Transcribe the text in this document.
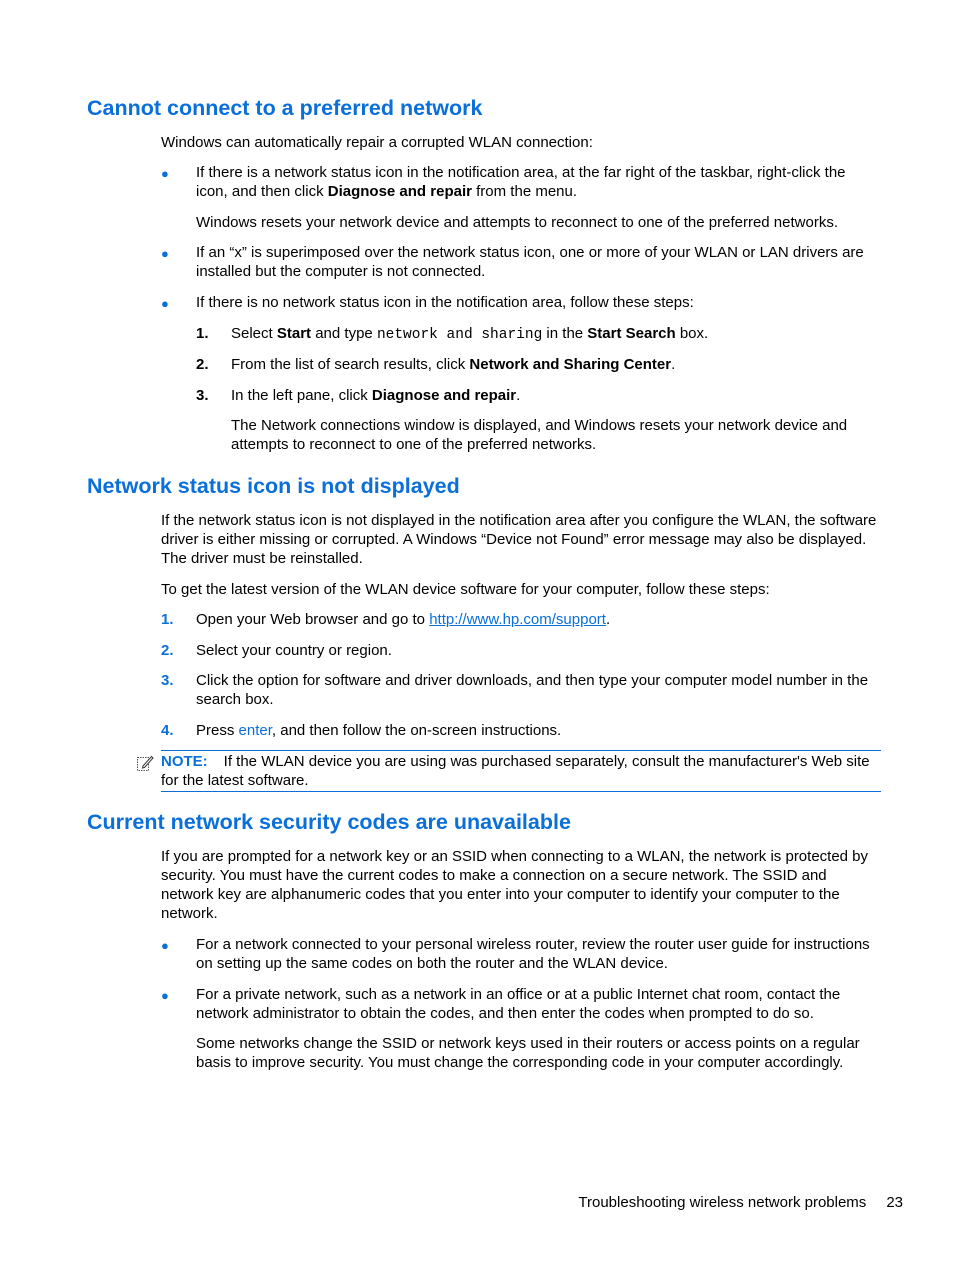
Cannot connect to a preferred network

Windows can automatically repair a corrupted WLAN connection:

● If there is a network status icon in the notification area, at the far right of the taskbar, right-click the icon, and then click Diagnose and repair from the menu.

Windows resets your network device and attempts to reconnect to one of the preferred networks.

● If an “x” is superimposed over the network status icon, one or more of your WLAN or LAN drivers are installed but the computer is not connected.

● If there is no network status icon in the notification area, follow these steps:

1. Select Start and type network and sharing in the Start Search box.

2. From the list of search results, click Network and Sharing Center.

3. In the left pane, click Diagnose and repair.

The Network connections window is displayed, and Windows resets your network device and attempts to reconnect to one of the preferred networks.

Network status icon is not displayed

If the network status icon is not displayed in the notification area after you configure the WLAN, the software driver is either missing or corrupted. A Windows “Device not Found” error message may also be displayed. The driver must be reinstalled.

To get the latest version of the WLAN device software for your computer, follow these steps:

1. Open your Web browser and go to http://www.hp.com/support.

2. Select your country or region.

3. Click the option for software and driver downloads, and then type your computer model number in the search box.

4. Press enter, and then follow the on-screen instructions.

NOTE: If the WLAN device you are using was purchased separately, consult the manufacturer's Web site for the latest software.

Current network security codes are unavailable

If you are prompted for a network key or an SSID when connecting to a WLAN, the network is protected by security. You must have the current codes to make a connection on a secure network. The SSID and network key are alphanumeric codes that you enter into your computer to identify your computer to the network.

● For a network connected to your personal wireless router, review the router user guide for instructions on setting up the same codes on both the router and the WLAN device.

● For a private network, such as a network in an office or at a public Internet chat room, contact the network administrator to obtain the codes, and then enter the codes when prompted to do so.

Some networks change the SSID or network keys used in their routers or access points on a regular basis to improve security. You must change the corresponding code in your computer accordingly.

Troubleshooting wireless network problems 23
